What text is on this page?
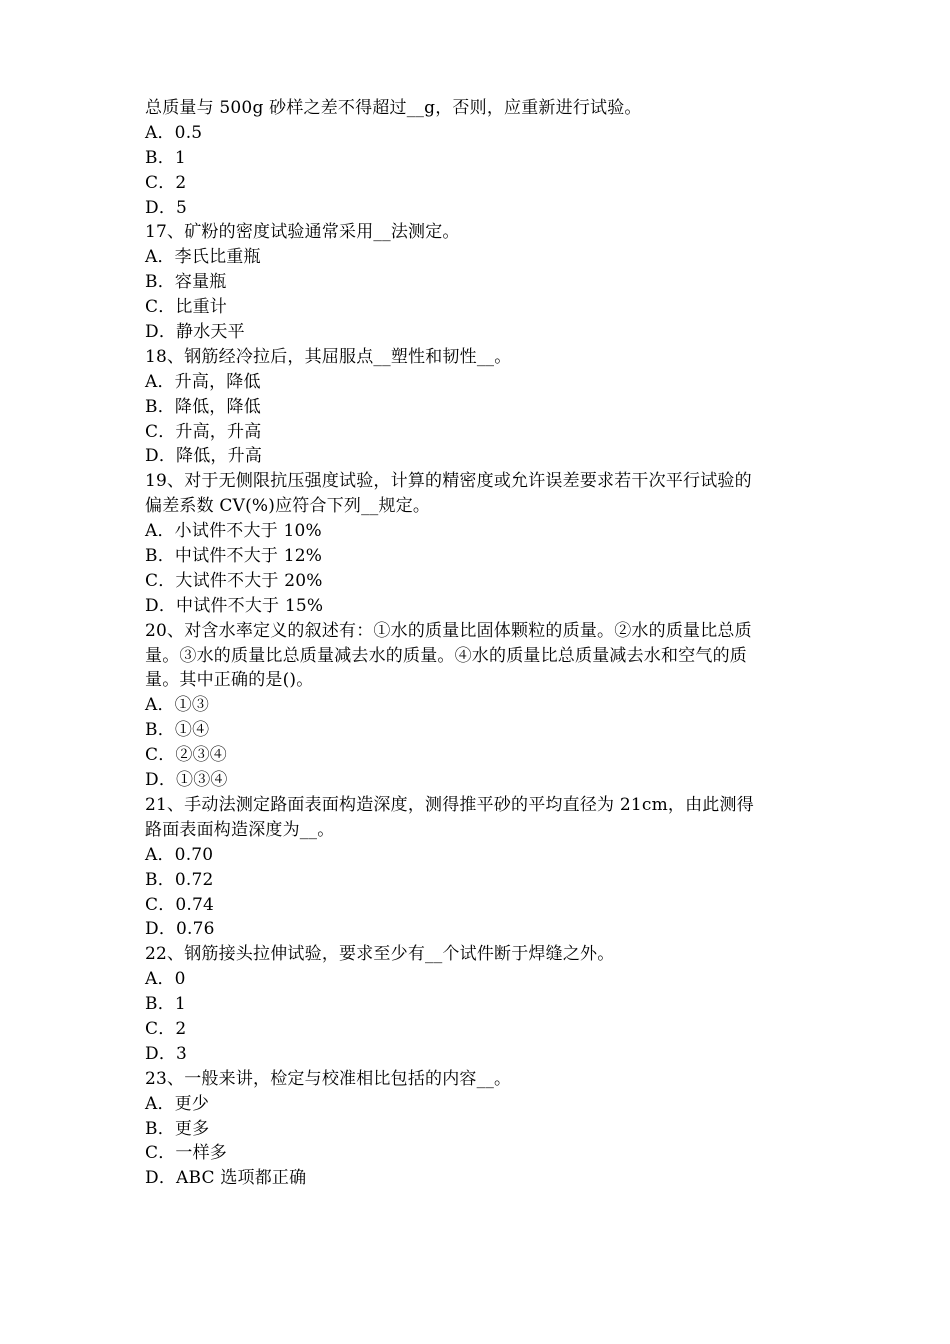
总质量与 500g 砂样之差不得超过__g，否则，应重新进行试验。
A．0.5
B．1
C．2
D．5
17、矿粉的密度试验通常采用__法测定。
A．李氏比重瓶
B．容量瓶
C．比重计
D．静水天平
18、钢筋经冷拉后，其屈服点__塑性和韧性__。
A．升高，降低
B．降低，降低
C．升高，升高
D．降低，升高
19、对于无侧限抗压强度试验，计算的精密度或允许误差要求若干次平行试验的
偏差系数 CV(%)应符合下列__规定。
A．小试件不大于 10%
B．中试件不大于 12%
C．大试件不大于 20%
D．中试件不大于 15%
20、对含水率定义的叙述有：①水的质量比固体颗粒的质量。②水的质量比总质
量。③水的质量比总质量减去水的质量。④水的质量比总质量减去水和空气的质
量。其中正确的是()。
A．①③
B．①④
C．②③④
D．①③④
21、手动法测定路面表面构造深度，测得推平砂的平均直径为 21cm，由此测得
路面表面构造深度为__。
A．0.70
B．0.72
C．0.74
D．0.76
22、钢筋接头拉伸试验，要求至少有__个试件断于焊缝之外。
A．0
B．1
C．2
D．3
23、一般来讲，检定与校准相比包括的内容__。
A．更少
B．更多
C．一样多
D．ABC 选项都正确
